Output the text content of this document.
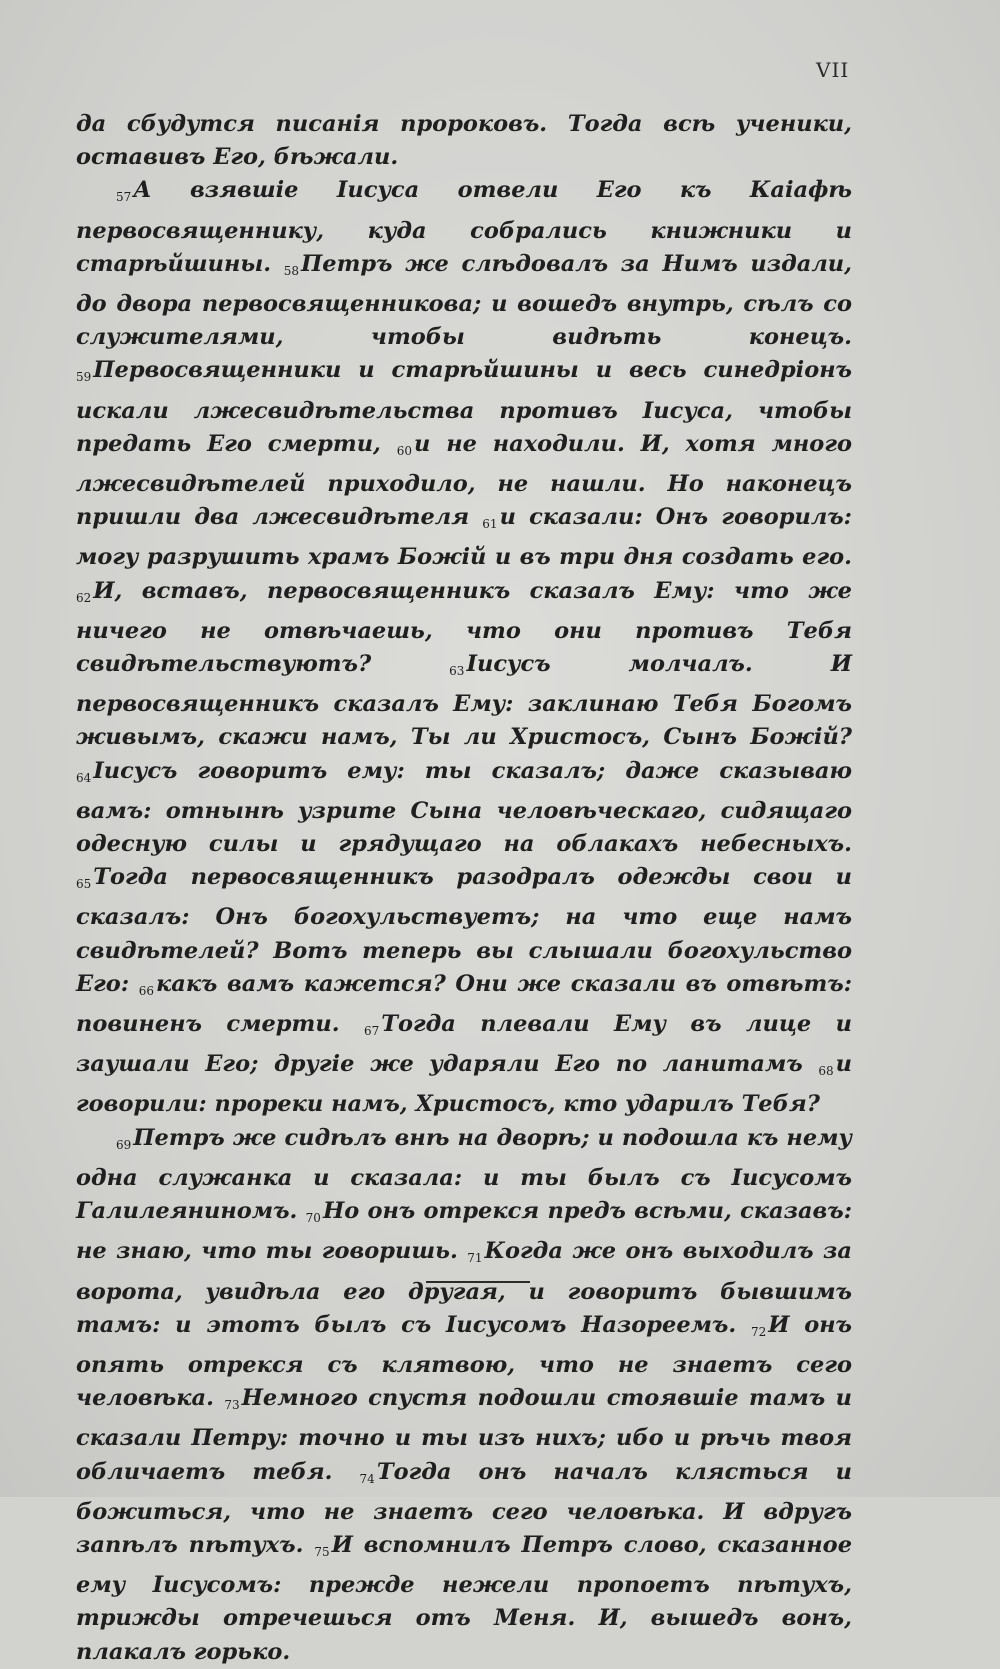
VII

да сбудутся писанія пророковъ. Тогда всѣ ученики, оставивъ Его, бѣжали.

57А взявшіе Іисуса отвели Его къ Каіафѣ первосвященнику, куда собрались книжники и старѣйшины. 58Петръ же слѣдовалъ за Нимъ издали, до двора первосвященникова; и вошедъ внутрь, сѣлъ со служителями, чтобы видѣть конецъ. 59Первосвященники и старѣйшины и весь синедріонъ искали лжесвидѣтельства противъ Іисуса, чтобы предать Его смерти, 60и не находили. И, хотя много лжесвидѣтелей приходило, не нашли. Но наконецъ пришли два лжесвидѣтеля 61и сказали: Онъ говорилъ: могу разрушить храмъ Божій и въ три дня создать его. 62И, вставъ, первосвященникъ сказалъ Ему: что же ничего не отвѣчаешь, что они противъ Тебя свидѣтельствуютъ? 63Іисусъ молчалъ. И первосвященникъ сказалъ Ему: заклинаю Тебя Богомъ живымъ, скажи намъ, Ты ли Христосъ, Сынъ Божій? 64Іисусъ говоритъ ему: ты сказалъ; даже сказываю вамъ: отнынѣ узрите Сына человѣческаго, сидящаго одесную силы и грядущаго на облакахъ небесныхъ. 65Тогда первосвященникъ разодралъ одежды свои и сказалъ: Онъ богохульствуетъ; на что еще намъ свидѣтелей? Вотъ теперь вы слышали богохульство Его: 66какъ вамъ кажется? Они же сказали въ отвѣтъ: повиненъ смерти. 67Тогда плевали Ему въ лице и заушали Его; другіе же ударяли Его по ланитамъ 68и говорили: прореки намъ, Христосъ, кто ударилъ Тебя?

69Петръ же сидѣлъ внѣ на дворѣ; и подошла къ нему одна служанка и сказала: и ты былъ съ Іисусомъ Галилеяниномъ. 70Но онъ отрекся предъ всѣми, сказавъ: не знаю, что ты говоришь. 71Когда же онъ выходилъ за ворота, увидѣла его другая, и говоритъ бывшимъ тамъ: и этотъ былъ съ Іисусомъ Назореемъ. 72И онъ опять отрекся съ клятвою, что не знаетъ сего человѣка. 73Немного спустя подошли стоявшіе тамъ и сказали Петру: точно и ты изъ нихъ; ибо и рѣчь твоя обличаетъ тебя. 74Тогда онъ началъ клясться и божиться, что не знаетъ сего человѣка. И вдругъ запѣлъ пѣтухъ. 75И вспомнилъ Петръ слово, сказанное ему Іисусомъ: прежде нежели пропоетъ пѣтухъ, трижды отречешься отъ Меня. И, вышедъ вонъ, плакалъ горько.
